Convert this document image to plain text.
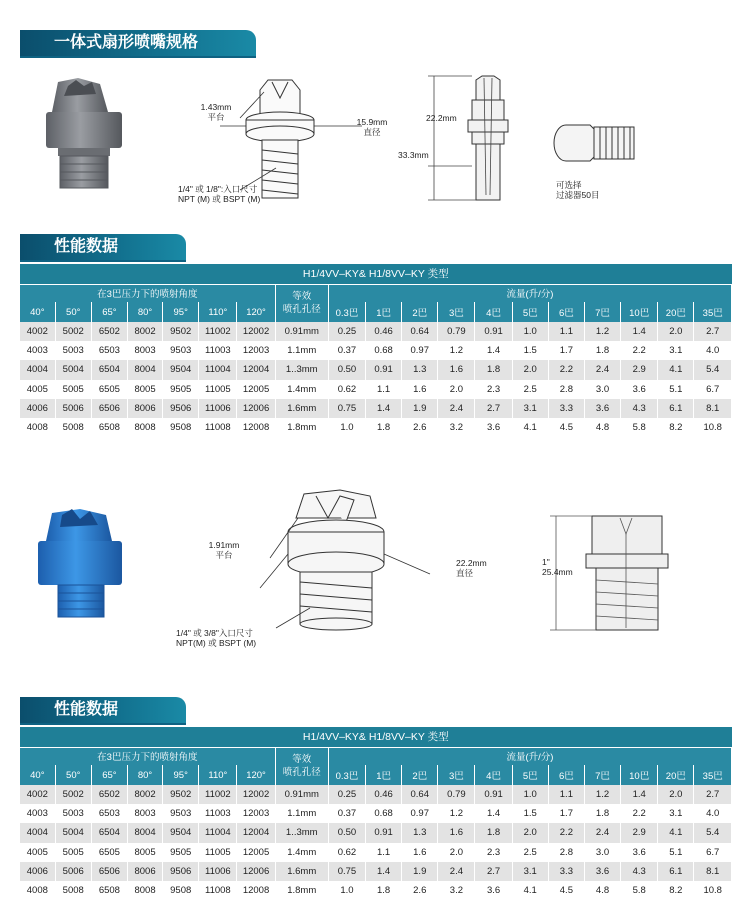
一体式扇形喷嘴规格
1.43mm
平台	15.9mm
直径
1/4" 或 1/8":入口尺寸
NPT (M) 或 BSPT (M)
22.2mm
33.3mm
可选择
过滤器50目
性能数据
H1/4VV–KY& H1/8VV–KY 类型																		
在3巴压力下的喷射角度							等效
喷孔孔径	流量(升/分)										
40°	50°	65°	80°	95°	110°	120°		0.3巴	1巴	2巴	3巴	4巴	5巴	6巴	7巴	10巴	20巴	35巴
4002	5002	6502	8002	9502	11002	12002	0.91mm	0.25	0.46	0.64	0.79	0.91	1.0	1.1	1.2	1.4	2.0	2.7
4003	5003	6503	8003	9503	11003	12003	1.1mm	0.37	0.68	0.97	1.2	1.4	1.5	1.7	1.8	2.2	3.1	4.0
4004	5004	6504	8004	9504	11004	12004	1..3mm	0.50	0.91	1.3	1.6	1.8	2.0	2.2	2.4	2.9	4.1	5.4
4005	5005	6505	8005	9505	11005	12005	1.4mm	0.62	1.1	1.6	2.0	2.3	2.5	2.8	3.0	3.6	5.1	6.7
4006	5006	6506	8006	9506	11006	12006	1.6mm	0.75	1.4	1.9	2.4	2.7	3.1	3.3	3.6	4.3	6.1	8.1
4008	5008	6508	8008	9508	11008	12008	1.8mm	1.0	1.8	2.6	3.2	3.6	4.1	4.5	4.8	5.8	8.2	10.8
1.91mm
平台
22.2mm
直径
1/4" 或 3/8"入口尺寸
NPT(M) 或 BSPT (M)
1"
25.4mm
性能数据
H1/4VV–KY& H1/8VV–KY 类型																		
在3巴压力下的喷射角度							等效
喷孔孔径	流量(升/分)										
40°	50°	65°	80°	95°	110°	120°		0.3巴	1巴	2巴	3巴	4巴	5巴	6巴	7巴	10巴	20巴	35巴
4002	5002	6502	8002	9502	11002	12002	0.91mm	0.25	0.46	0.64	0.79	0.91	1.0	1.1	1.2	1.4	2.0	2.7
4003	5003	6503	8003	9503	11003	12003	1.1mm	0.37	0.68	0.97	1.2	1.4	1.5	1.7	1.8	2.2	3.1	4.0
4004	5004	6504	8004	9504	11004	12004	1..3mm	0.50	0.91	1.3	1.6	1.8	2.0	2.2	2.4	2.9	4.1	5.4
4005	5005	6505	8005	9505	11005	12005	1.4mm	0.62	1.1	1.6	2.0	2.3	2.5	2.8	3.0	3.6	5.1	6.7
4006	5006	6506	8006	9506	11006	12006	1.6mm	0.75	1.4	1.9	2.4	2.7	3.1	3.3	3.6	4.3	6.1	8.1
4008	5008	6508	8008	9508	11008	12008	1.8mm	1.0	1.8	2.6	3.2	3.6	4.1	4.5	4.8	5.8	8.2	10.8
